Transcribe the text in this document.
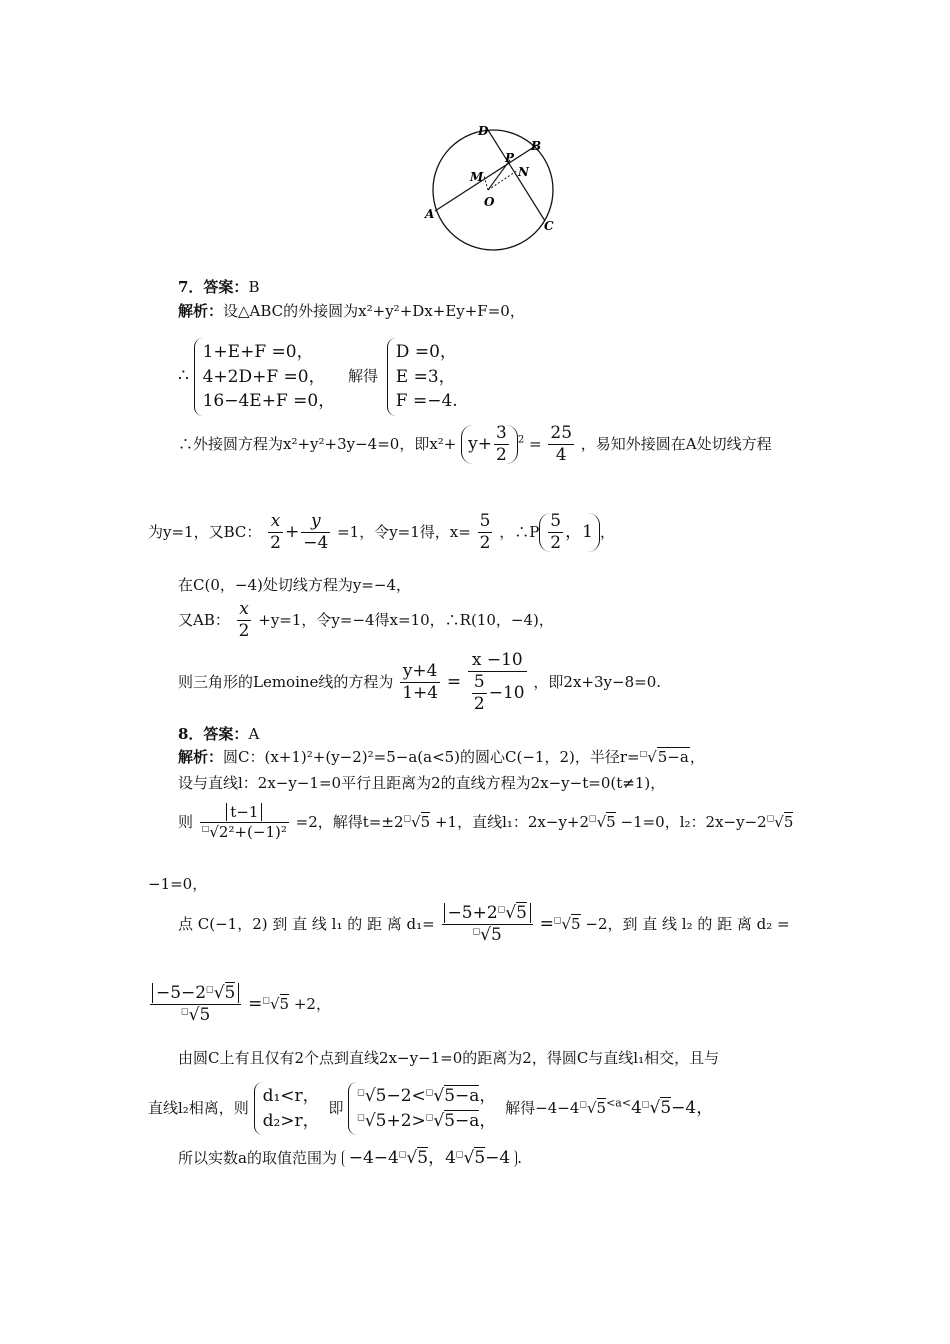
D
P
B
M	N
O
A
C
7．答案：B
解析：设△ABC的外接圆为x²+y²+Dx+Ey+F=0，
∴
1+E+F =0，
4+2D+F =0，
16−4E+F =0，
解得
D =0，
E =3，
F =−4.
∴外接圆方程为x²+y²+3y−4=0，即$x^2+ y+ \frac{3}{2} ^2 = \frac{25}{4}$ ，易知外接圆在A处切线方程
为y=1，又BC： $\frac{x}{2} + \frac{y}{-4} =1$，令y=1得，$x= \frac{5}{2}$ ，∴P $\frac{5}{2}$ ，1 ，
在C(0，−4)处切线方程为y=−4，
又AB： $\frac{x}{2} +y=1$，令y=−4得x=10，∴R(10，−4)，
则三角形的Lemoine线的方程为 $\frac{y+4}{1+4} = \frac{x -10}{\frac{5}{2} -10}$ ，即2x+3y−8=0.
8．答案：A
解析：圆C：(x+1)²+(y−2)²=5−a(a<5)的圆心C(−1，2)，半径r=□√5−a，
设与直线l：2x−y−1=0平行且距离为2的直线方程为2x−y−t=0(t≠1)，
则 $\frac{t-1}{^□√2^2+(-1)^2} =2$，解得t=±2□√5 +1，直线l₁：2x−y+2□√5 −1=0，l₂：2x−y−2□√5
−1=0，
点 C(−1，2) 到 直 线 l₁ 的 距 离 $d_1= \frac{-5+2^□√5}{^□√5} =^□√5 -2$，到 直 线 l₂ 的 距 离 d₂ =
$\frac{-5-2^□√5}{^□√5} =^□√5 +2$，
由圆C上有且仅有2个点到直线2x−y−1=0的距离为2，得圆C与直线l₁相交，且与
直线l₂相离，则
d₁<r，
d₂>r，
即
□√5−2<□√5−a，
□√5+2>□√5−a，
解得$-4-4^□√5^{<a<}4^□√5-4$，
所以实数a的取值范围为 −4−4□√5，4□√5−4 .
